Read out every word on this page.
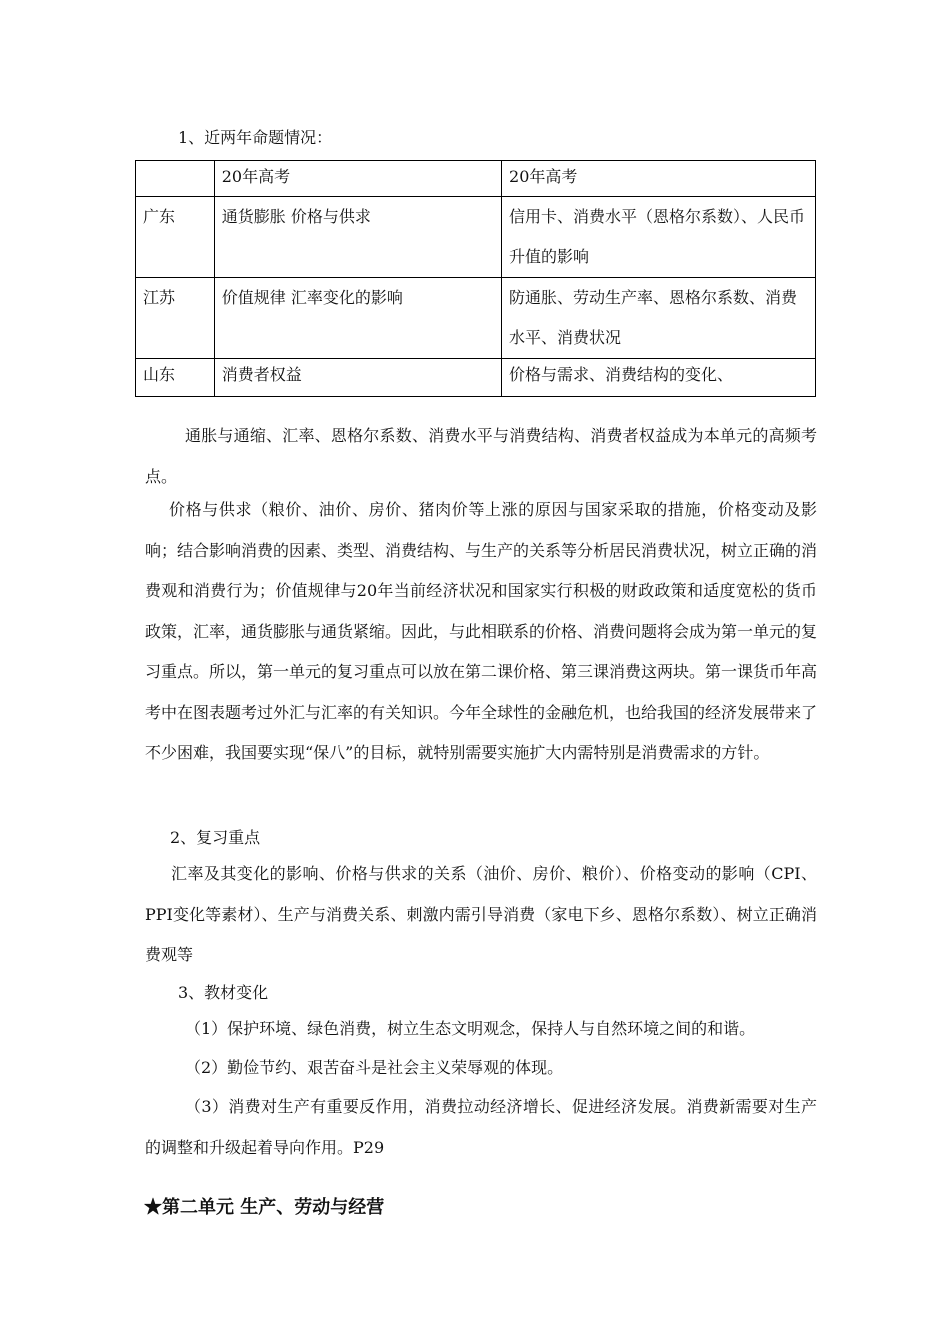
1、近两年命题情况：
	20年高考	20年高考
广东	通货膨胀 价格与供求	信用卡、消费水平（恩格尔系数）、人民币升值的影响
江苏	价值规律 汇率变化的影响	防通胀、劳动生产率、恩格尔系数、消费水平、消费状况
山东	消费者权益	价格与需求、消费结构的变化、
通胀与通缩、汇率、恩格尔系数、消费水平与消费结构、消费者权益成为本单元的高频考点。
价格与供求（粮价、油价、房价、猪肉价等上涨的原因与国家采取的措施，价格变动及影响；结合影响消费的因素、类型、消费结构、与生产的关系等分析居民消费状况，树立正确的消费观和消费行为；价值规律与20年当前经济状况和国家实行积极的财政政策和适度宽松的货币政策，汇率，通货膨胀与通货紧缩。因此，与此相联系的价格、消费问题将会成为第一单元的复习重点。所以，第一单元的复习重点可以放在第二课价格、第三课消费这两块。第一课货币年高考中在图表题考过外汇与汇率的有关知识。今年全球性的金融危机，也给我国的经济发展带来了不少困难，我国要实现“保八”的目标，就特别需要实施扩大内需特别是消费需求的方针。
2、复习重点
汇率及其变化的影响、价格与供求的关系（油价、房价、粮价）、价格变动的影响（CPI、PPI变化等素材）、生产与消费关系、刺激内需引导消费（家电下乡、恩格尔系数）、树立正确消费观等
3、教材变化
（1）保护环境、绿色消费，树立生态文明观念，保持人与自然环境之间的和谐。
（2）勤俭节约、艰苦奋斗是社会主义荣辱观的体现。
（3）消费对生产有重要反作用，消费拉动经济增长、促进经济发展。消费新需要对生产的调整和升级起着导向作用。P29
★第二单元 生产、劳动与经营
